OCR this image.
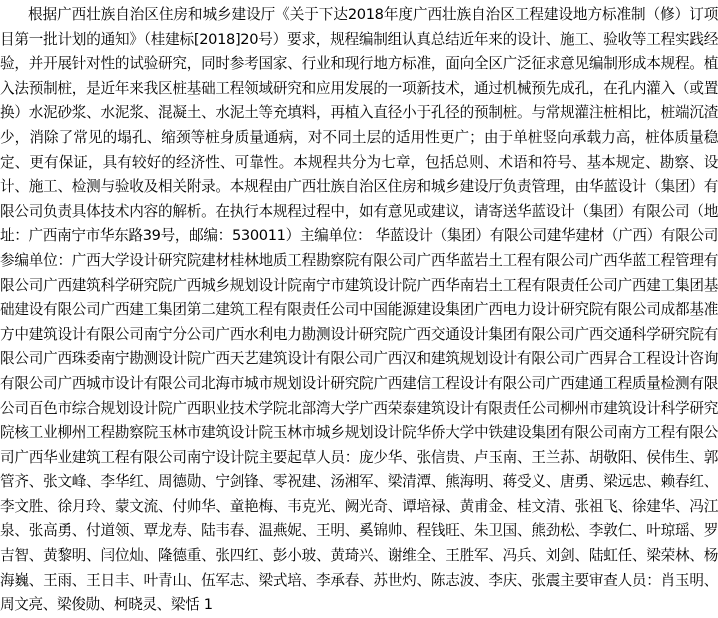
根据广西壮族自治区住房和城乡建设厅《关于下达2018年度广西壮族自治区工程建设地方标准制（修）订项目第一批计划的通知》（桂建标[2018]20号）要求，规程编制组认真总结近年来的设计、施工、验收等工程实践经验，并开展针对性的试验研究，同时参考国家、行业和现行地方标准，面向全区广泛征求意见编制形成本规程。植入法预制桩，是近年来我区桩基础工程领域研究和应用发展的一项新技术，通过机械预先成孔，在孔内灌入（或置换）水泥砂浆、水泥浆、混凝土、水泥土等充填料，再植入直径小于孔径的预制桩。与常规灌注桩相比，桩端沉渣少，消除了常见的塌孔、缩颈等桩身质量通病，对不同土层的适用性更广；由于单桩竖向承载力高，桩体质量稳定、更有保证，具有较好的经济性、可靠性。本规程共分为七章，包括总则、术语和符号、基本规定、勘察、设计、施工、检测与验收及相关附录。本规程由广西壮族自治区住房和城乡建设厅负责管理，由华蓝设计（集团）有限公司负责具体技术内容的解析。在执行本规程过程中，如有意见或建议，请寄送华蓝设计（集团）有限公司（地址：广西南宁市华东路39号，邮编：530011）主编单位： 华蓝设计（集团）有限公司建华建材（广西）有限公司参编单位：广西大学设计研究院建材桂林地质工程勘察院有限公司广西华蓝岩土工程有限公司广西华蓝工程管理有限公司广西建筑科学研究院广西城乡规划设计院南宁市建筑设计院广西华南岩土工程有限责任公司广西建工集团基础建设有限公司广西建工集团第二建筑工程有限责任公司中国能源建设集团广西电力设计研究院有限公司成都基准方中建筑设计有限公司南宁分公司广西水利电力勘测设计研究院广西交通设计集团有限公司广西交通科学研究院有限公司广西珠委南宁勘测设计院广西天艺建筑设计有限公司广西汉和建筑规划设计有限公司广西昇合工程设计咨询有限公司广西城市设计有限公司北海市城市规划设计研究院广西建信工程设计有限公司广西建通工程质量检测有限公司百色市综合规划设计院广西职业技术学院北部湾大学广西荣泰建筑设计有限责任公司柳州市建筑设计科学研究院核工业柳州工程勘察院玉林市建筑设计院玉林市城乡规划设计院华侨大学中铁建设集团有限公司南方工程有限公司广西华业建筑工程有限公司南宁设计院主要起草人员：庞少华、张信贵、卢玉南、王兰荪、胡敬阳、侯伟生、郭管齐、张文峰、李华红、周德勋、宁剑锋、零祝建、汤湘军、梁清潭、熊海明、蒋受义、唐勇、梁远忠、赖春红、李文胜、徐月玲、蒙文流、付帅华、童艳梅、韦克光、阙光奇、谭培禄、黄甫金、桂文清、张祖飞、徐建华、冯江泉、张高勇、付道领、覃龙寿、陆韦春、温燕妮、王明、奚锦帅、程钱旺、朱卫国、熊劲松、李敦仁、叶琼瑶、罗吉智、黄黎明、闫位灿、隆德重、张四红、彭小玻、黄琦兴、谢维全、王胜军、冯兵、刘剑、陆虹任、梁荣林、杨海巍、王雨、王日丰、叶青山、伍军志、梁式培、李承春、苏世灼、陈志波、李庆、张震主要审查人员：肖玉明、周文亮、梁俊勋、柯晓灵、梁恬 1
